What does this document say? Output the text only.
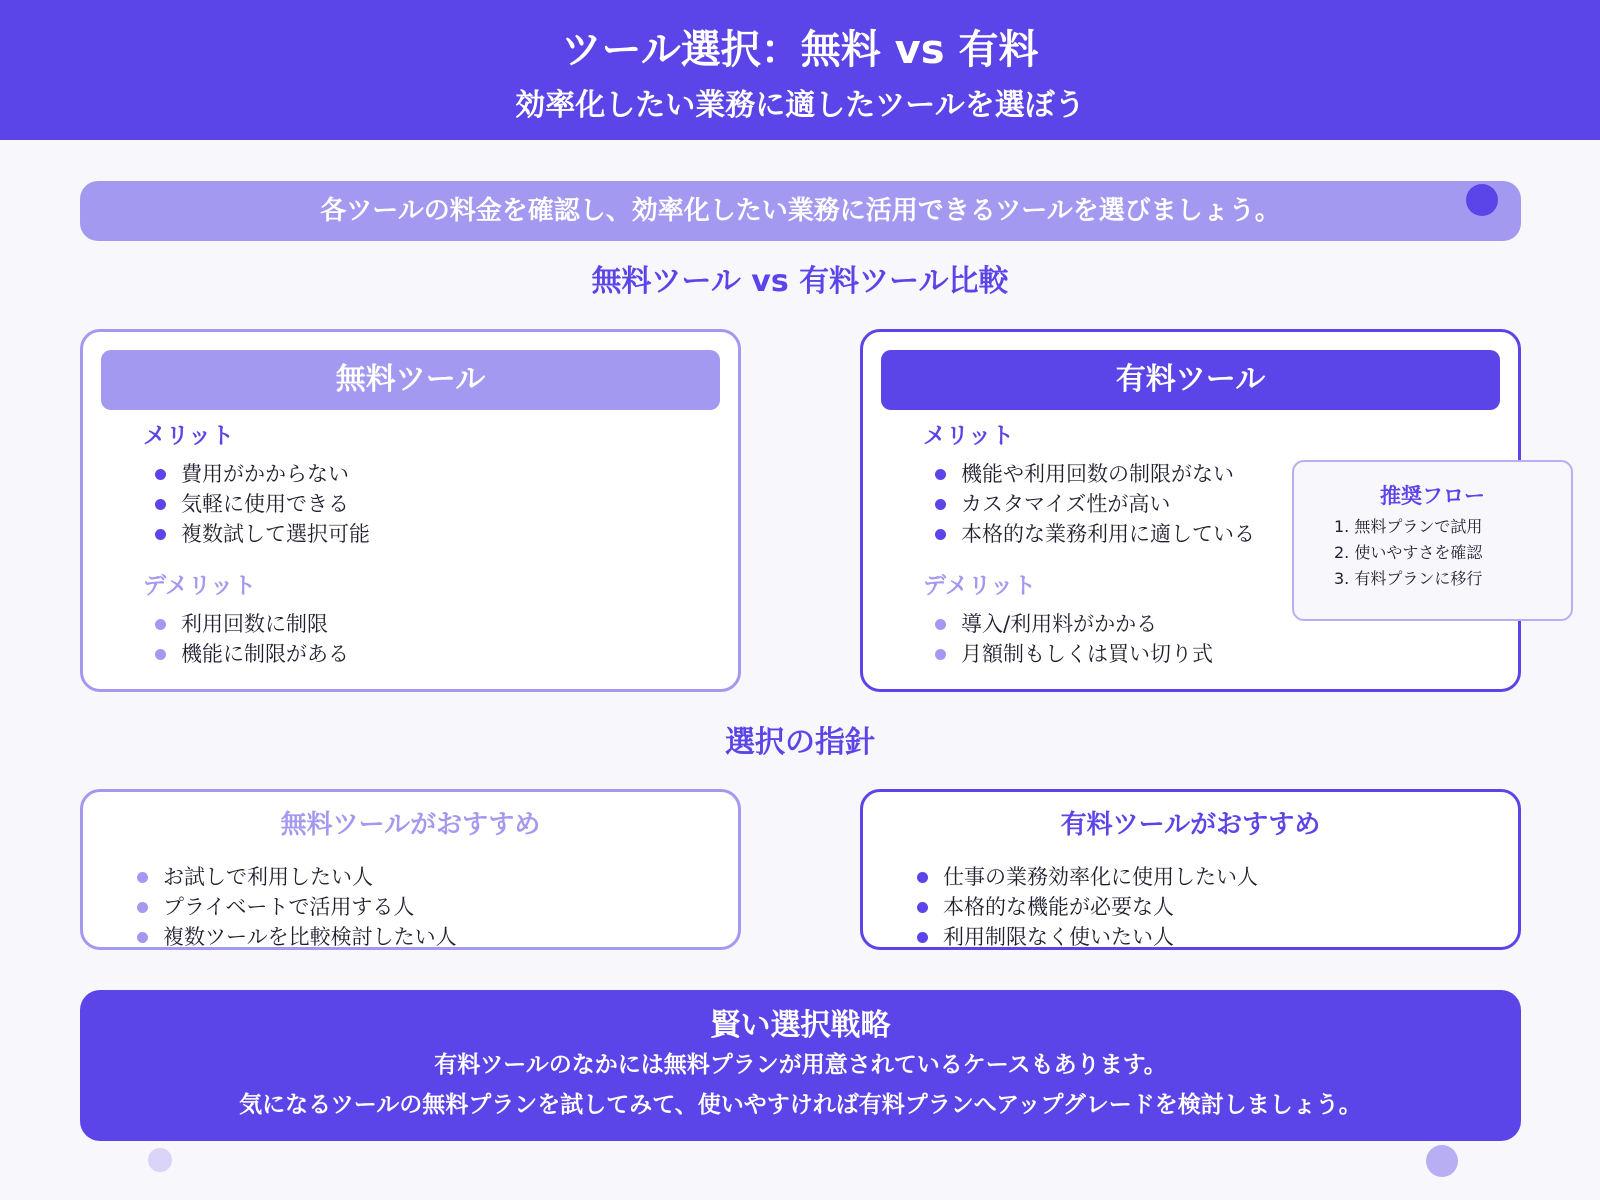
ツール選択：無料 vs 有料
効率化したい業務に適したツールを選ぼう
各ツールの料金を確認し、効率化したい業務に活用できるツールを選びましょう。
無料ツール vs 有料ツール比較
無料ツール
メリット
費用がかからない
気軽に使用できる
複数試して選択可能
デメリット
利用回数に制限
機能に制限がある
有料ツール
メリット
機能や利用回数の制限がない
カスタマイズ性が高い
本格的な業務利用に適している
デメリット
導入/利用料がかかる
月額制もしくは買い切り式
推奨フロー
1. 無料プランで試用
2. 使いやすさを確認
3. 有料プランに移行
選択の指針
無料ツールがおすすめ
お試しで利用したい人
プライベートで活用する人
複数ツールを比較検討したい人
有料ツールがおすすめ
仕事の業務効率化に使用したい人
本格的な機能が必要な人
利用制限なく使いたい人
賢い選択戦略
有料ツールのなかには無料プランが用意されているケースもあります。
気になるツールの無料プランを試してみて、使いやすければ有料プランへアップグレードを検討しましょう。
